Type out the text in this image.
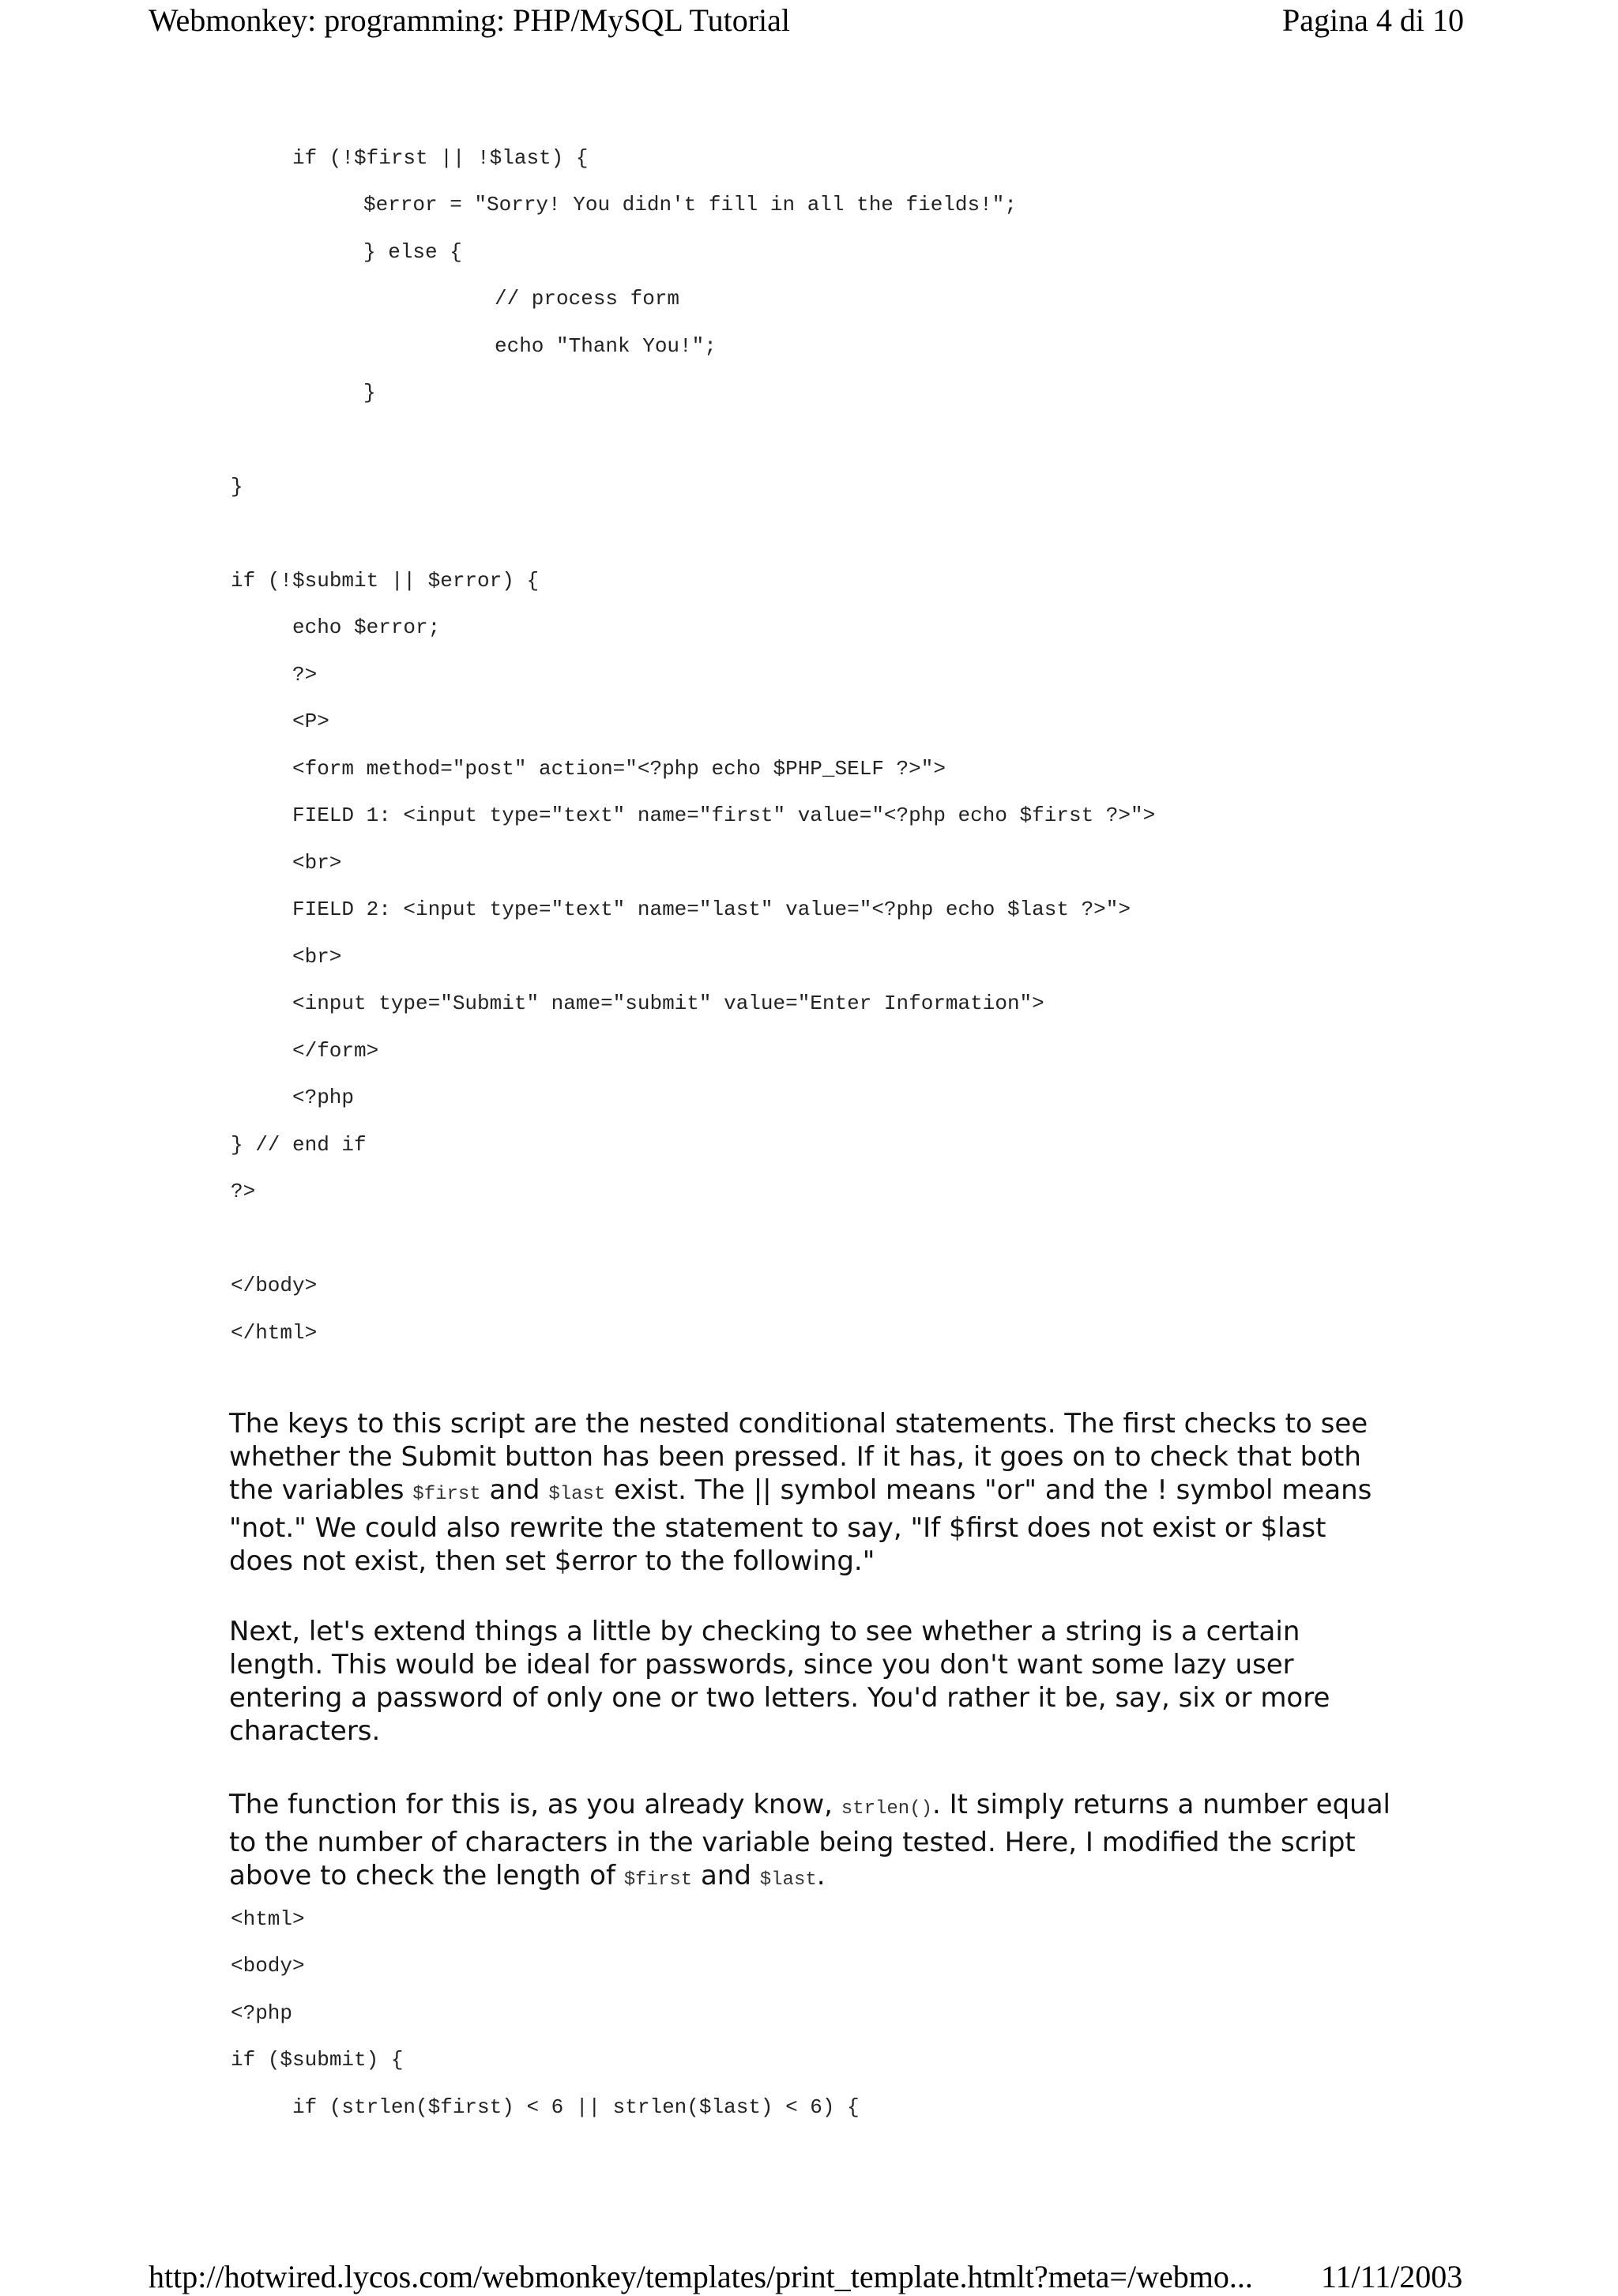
Webmonkey: programming: PHP/MySQL Tutorial	Pagina 4 di 10
if (!$first || !$last) {
$error = "Sorry! You didn't fill in all the fields!";
} else {
// process form
echo "Thank You!";
}
}
if (!$submit || $error) {
echo $error;
?>
<P>
<form method="post" action="<?php echo $PHP_SELF ?>">
FIELD 1: <input type="text" name="first" value="<?php echo $first ?>">
<br>
FIELD 2: <input type="text" name="last" value="<?php echo $last ?>">
<br>
<input type="Submit" name="submit" value="Enter Information">
</form>
<?php
} // end if
?>
</body>
</html>

The keys to this script are the nested conditional statements. The first checks to see whether the Submit button has been pressed. If it has, it goes on to check that both the variables $first and $last exist. The || symbol means "or" and the ! symbol means "not." We could also rewrite the statement to say, "If $first does not exist or $last does not exist, then set $error to the following."

Next, let's extend things a little by checking to see whether a string is a certain length. This would be ideal for passwords, since you don't want some lazy user entering a password of only one or two letters. You'd rather it be, say, six or more characters.

The function for this is, as you already know, strlen(). It simply returns a number equal to the number of characters in the variable being tested. Here, I modified the script above to check the length of $first and $last.

<html>
<body>
<?php
if ($submit) {
if (strlen($first) < 6 || strlen($last) < 6) {
http://hotwired.lycos.com/webmonkey/templates/print_template.htmlt?meta=/webmo... 11/11/2003
